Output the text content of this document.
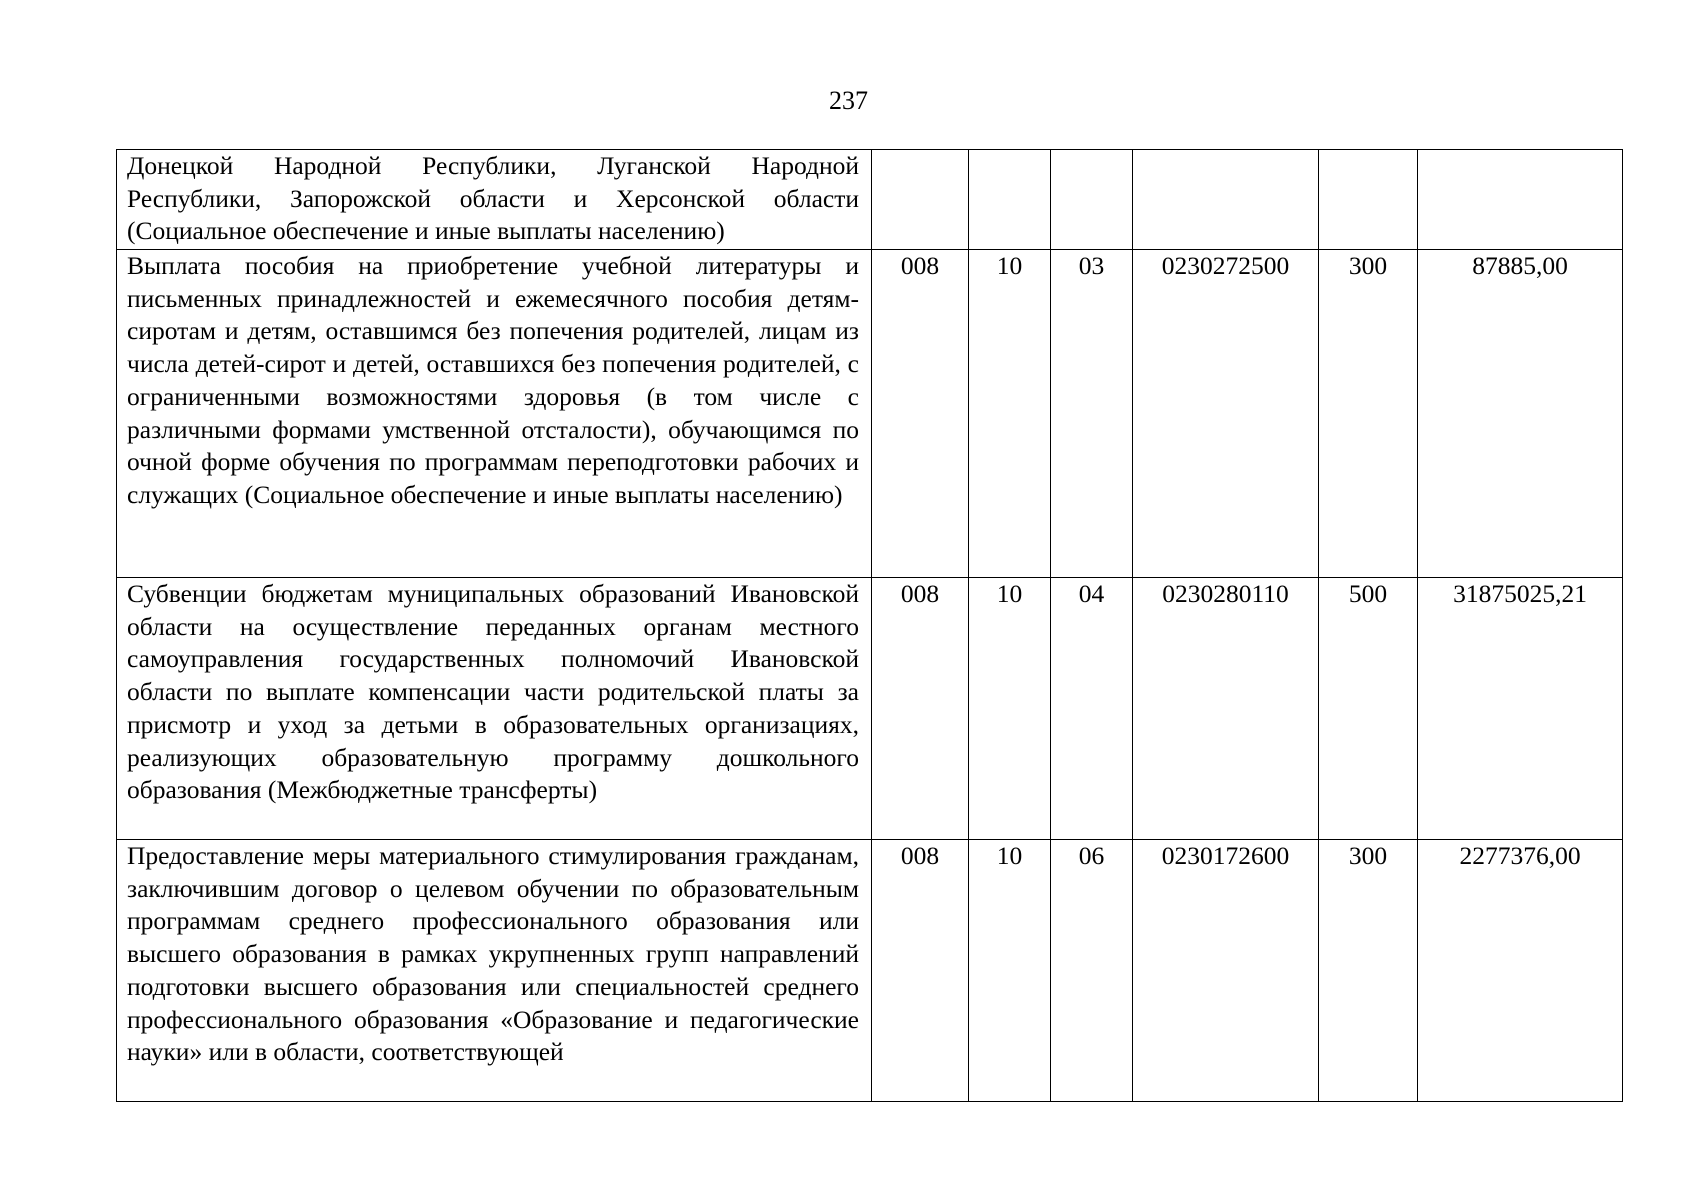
237
Донецкой Народной Республики, Луганской Народной Республики, Запорожской области и Херсонской области (Социальное обеспечение и иные выплаты населению)						
Выплата пособия на приобретение учебной литературы и письменных принадлежностей и ежемесячного пособия детям-сиротам и детям, оставшимся без попечения родителей, лицам из числа детей-сирот и детей, оставшихся без попечения родителей, с ограниченными возможностями здоровья (в том числе с различными формами умственной отсталости), обучающимся по очной форме обучения по программам переподготовки рабочих и служащих (Социальное обеспечение и иные выплаты населению)	008	10	03	0230272500	300	87885,00
Субвенции бюджетам муниципальных образований Ивановской области на осуществление переданных органам местного самоуправления государственных полномочий Ивановской области по выплате компенсации части родительской платы за присмотр и уход за детьми в образовательных организациях, реализующих образовательную программу дошкольного образования (Межбюджетные трансферты)	008	10	04	0230280110	500	31875025,21
Предоставление меры материального стимулирования гражданам, заключившим договор о целевом обучении по образовательным программам среднего профессионального образования или высшего образования в рамках укрупненных групп направлений подготовки высшего образования или специальностей среднего профессионального образования «Образование и педагогические науки» или в области, соответствующей	008	10	06	0230172600	300	2277376,00
